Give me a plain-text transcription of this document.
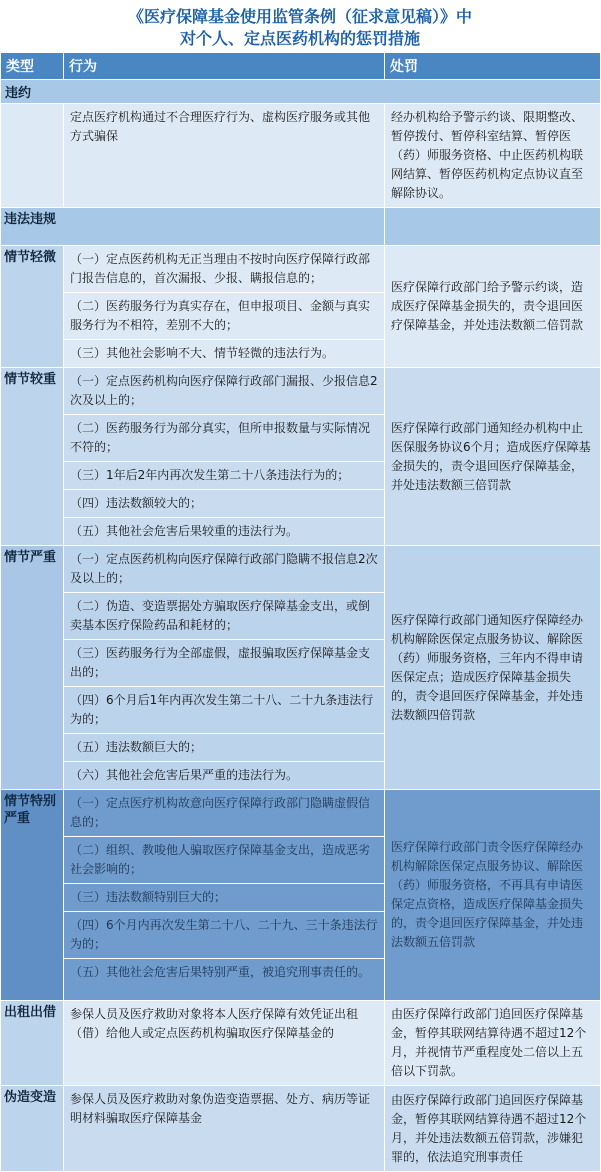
《医疗保障基金使用监管条例（征求意见稿）》中
对个人、定点医药机构的惩罚措施
类型	行为	处罚
违约		
	定点医疗机构通过不合理医疗行为、虚构医疗服务或其他方式骗保	经办机构给予警示约谈、限期整改、暂停拨付、暂停科室结算、暂停医（药）师服务资格、中止医药机构联网结算、暂停医药机构定点协议直至解除协议。
违法违规		
情节轻微	（一）定点医药机构无正当理由不按时向医疗保障行政部门报告信息的，首次漏报、少报、瞒报信息的；	医疗保障行政部门给予警示约谈，造成医疗保障基金损失的，责令退回医疗保障基金，并处违法数额二倍罚款
	（二）医药服务行为真实存在，但申报项目、金额与真实服务行为不相符，差别不大的；	
	（三）其他社会影响不大、情节轻微的违法行为。	
情节较重	（一）定点医药机构向医疗保障行政部门漏报、少报信息2次及以上的；	医疗保障行政部门通知经办机构中止医保服务协议6个月；造成医疗保障基金损失的，责令退回医疗保障基金，并处违法数额三倍罚款
	（二）医药服务行为部分真实，但所申报数量与实际情况不符的；	
	（三）1年后2年内再次发生第二十八条违法行为的；	
	（四）违法数额较大的；	
	（五）其他社会危害后果较重的违法行为。	
情节严重	（一）定点医药机构向医疗保障行政部门隐瞒不报信息2次及以上的；	医疗保障行政部门通知医疗保障经办机构解除医保定点服务协议、解除医（药）师服务资格，三年内不得申请医保定点；造成医疗保障基金损失的，责令退回医疗保障基金，并处违法数额四倍罚款
	（二）伪造、变造票据处方骗取医疗保障基金支出，或倒卖基本医疗保险药品和耗材的；	
	（三）医药服务行为全部虚假，虚报骗取医疗保障基金支出的；	
	（四）6个月后1年内再次发生第二十八、二十九条违法行为的；	
	（五）违法数额巨大的；	
	（六）其他社会危害后果严重的违法行为。	
情节特别严重	（一）定点医疗机构故意向医疗保障行政部门隐瞒虚假信息的；	医疗保障行政部门责令医疗保障经办机构解除医保定点服务协议、解除医（药）师服务资格，不再具有申请医保定点资格，造成医疗保障基金损失的，责令退回医疗保障基金，并处违法数额五倍罚款
	（二）组织、教唆他人骗取医疗保障基金支出，造成恶劣社会影响的；	
	（三）违法数额特别巨大的；	
	（四）6个月内再次发生第二十八、二十九、三十条违法行为的；	
	（五）其他社会危害后果特别严重，被追究刑事责任的。	
出租出借	参保人员及医疗救助对象将本人医疗保障有效凭证出租（借）给他人或定点医药机构骗取医疗保障基金的	由医疗保障行政部门追回医疗保障基金，暂停其联网结算待遇不超过12个月，并视情节严重程度处二倍以上五倍以下罚款。
伪造变造	参保人员及医疗救助对象伪造变造票据、处方、病历等证明材料骗取医疗保障基金	由医疗保障行政部门追回医疗保障基金，暂停其联网结算待遇不超过12个月，并处违法数额五倍罚款，涉嫌犯罪的，依法追究刑事责任
